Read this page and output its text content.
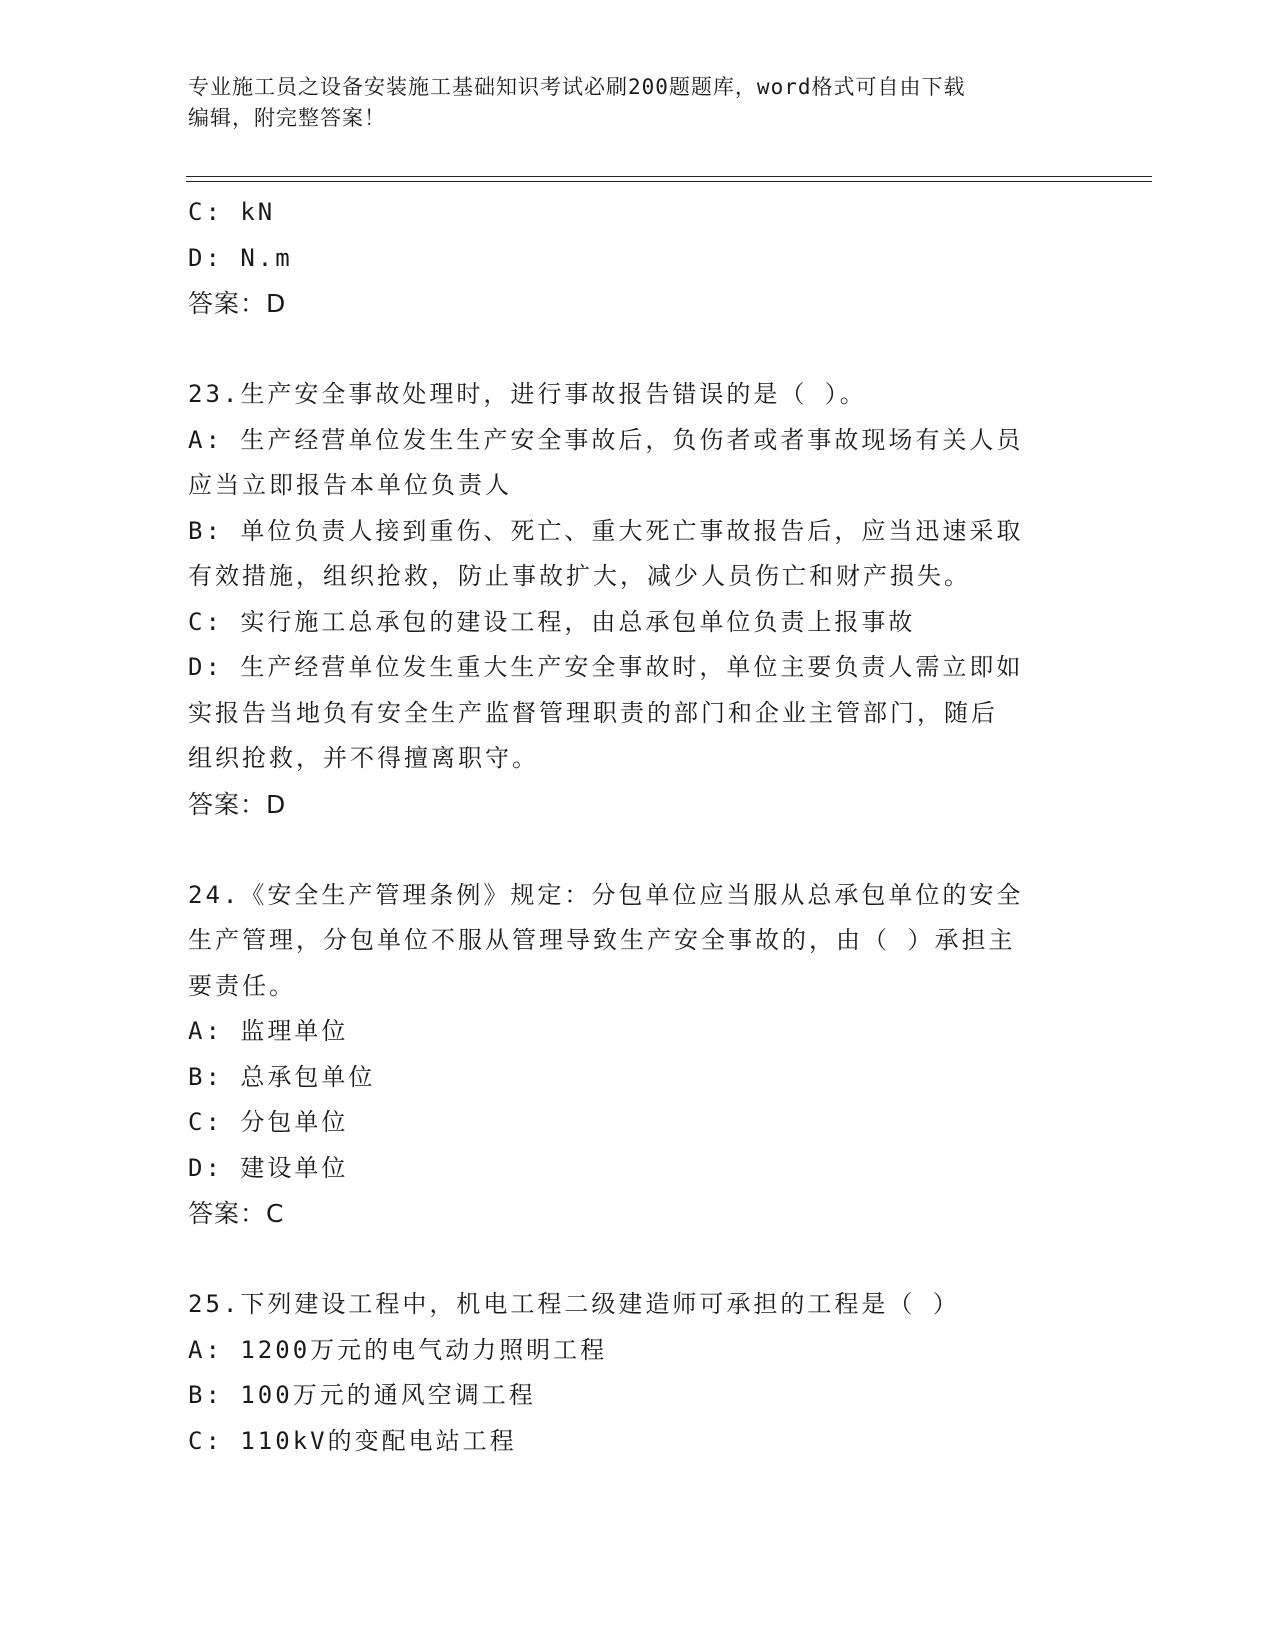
专业施工员之设备安装施工基础知识考试必刷200题题库，word格式可自由下载
编辑，附完整答案！
C: kN
D: N.m
答案：D
23.生产安全事故处理时，进行事故报告错误的是（ ）。
A: 生产经营单位发生生产安全事故后，负伤者或者事故现场有关人员
应当立即报告本单位负责人
B: 单位负责人接到重伤、死亡、重大死亡事故报告后，应当迅速采取
有效措施，组织抢救，防止事故扩大，减少人员伤亡和财产损失。
C: 实行施工总承包的建设工程，由总承包单位负责上报事故
D: 生产经营单位发生重大生产安全事故时，单位主要负责人需立即如
实报告当地负有安全生产监督管理职责的部门和企业主管部门，随后
组织抢救，并不得擅离职守。
答案：D
24.《安全生产管理条例》规定：分包单位应当服从总承包单位的安全
生产管理，分包单位不服从管理导致生产安全事故的，由（ ）承担主
要责任。
A: 监理单位
B: 总承包单位
C: 分包单位
D: 建设单位
答案：C
25.下列建设工程中，机电工程二级建造师可承担的工程是（ ）
A: 1200万元的电气动力照明工程
B: 100万元的通风空调工程
C: 110kV的变配电站工程
